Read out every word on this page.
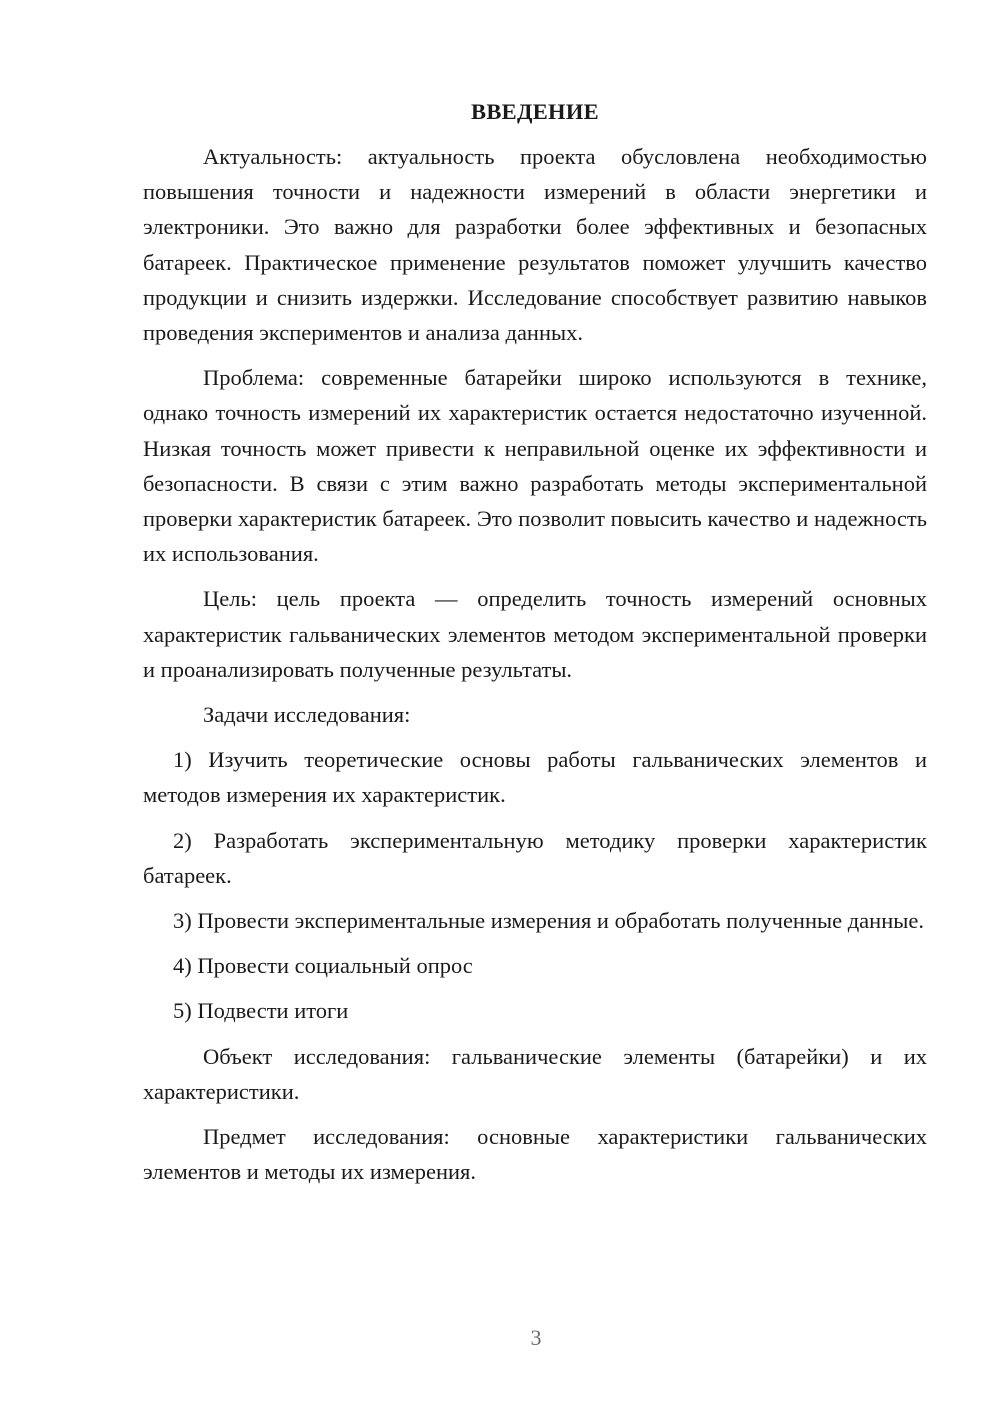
ВВЕДЕНИЕ

Актуальность: актуальность проекта обусловлена необходимостью повышения точности и надежности измерений в области энергетики и электроники. Это важно для разработки более эффективных и безопасных батареек. Практическое применение результатов поможет улучшить качество продукции и снизить издержки. Исследование способствует развитию навыков проведения экспериментов и анализа данных.

Проблема: современные батарейки широко используются в технике, однако точность измерений их характеристик остается недостаточно изученной. Низкая точность может привести к неправильной оценке их эффективности и безопасности. В связи с этим важно разработать методы экспериментальной проверки характеристик батареек. Это позволит повысить качество и надежность их использования.

Цель: цель проекта — определить точность измерений основных характеристик гальванических элементов методом экспериментальной проверки и проанализировать полученные результаты.

Задачи исследования:

1) Изучить теоретические основы работы гальванических элементов и методов измерения их характеристик.

2) Разработать экспериментальную методику проверки характеристик батареек.

3) Провести экспериментальные измерения и обработать полученные данные.

4) Провести социальный опрос

5) Подвести итоги

Объект исследования: гальванические элементы (батарейки) и их характеристики.

Предмет исследования: основные характеристики гальванических элементов и методы их измерения.

3
